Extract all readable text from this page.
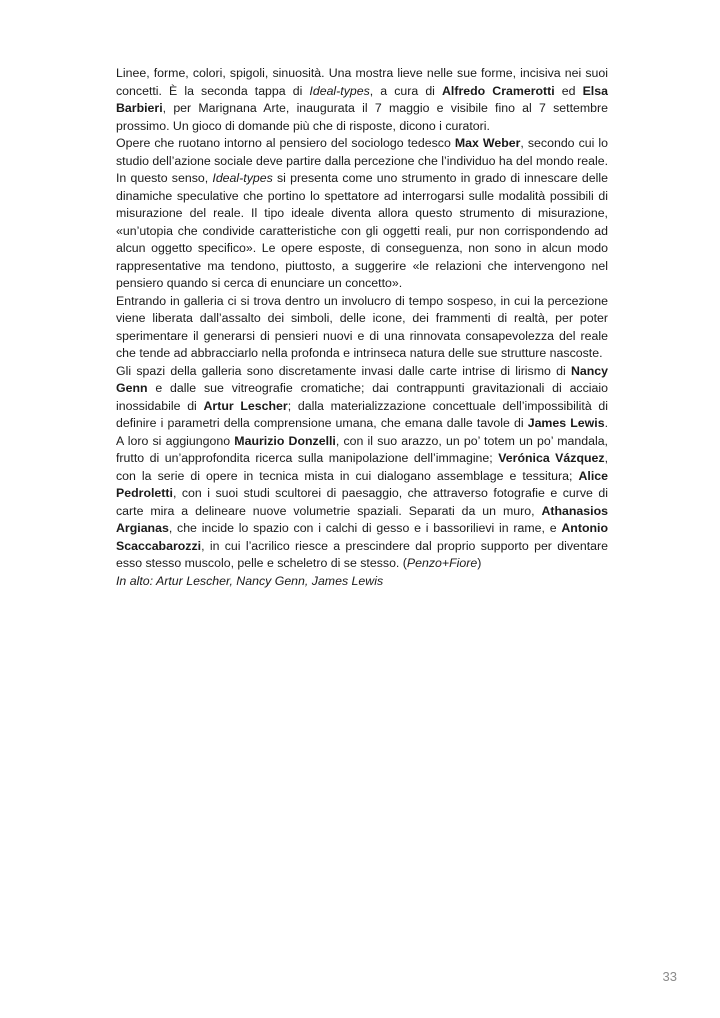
Linee, forme, colori, spigoli, sinuosità. Una mostra lieve nelle sue forme, incisiva nei suoi concetti. È la seconda tappa di Ideal-types, a cura di Alfredo Cramerotti ed Elsa Barbieri, per Marignana Arte, inaugurata il 7 maggio e visibile fino al 7 settembre prossimo. Un gioco di domande più che di risposte, dicono i curatori.

Opere che ruotano intorno al pensiero del sociologo tedesco Max Weber, secondo cui lo studio dell’azione sociale deve partire dalla percezione che l’individuo ha del mondo reale. In questo senso, Ideal-types si presenta come uno strumento in grado di innescare delle dinamiche speculative che portino lo spettatore ad interrogarsi sulle modalità possibili di misurazione del reale. Il tipo ideale diventa allora questo strumento di misurazione, «un’utopia che condivide caratteristiche con gli oggetti reali, pur non corrispondendo ad alcun oggetto specifico». Le opere esposte, di conseguenza, non sono in alcun modo rappresentative ma tendono, piuttosto, a suggerire «le relazioni che intervengono nel pensiero quando si cerca di enunciare un concetto».

Entrando in galleria ci si trova dentro un involucro di tempo sospeso, in cui la percezione viene liberata dall’assalto dei simboli, delle icone, dei frammenti di realtà, per poter sperimentare il generarsi di pensieri nuovi e di una rinnovata consapevolezza del reale che tende ad abbracciarlo nella profonda e intrinseca natura delle sue strutture nascoste.

Gli spazi della galleria sono discretamente invasi dalle carte intrise di lirismo di Nancy Genn e dalle sue vitreografie cromatiche; dai contrappunti gravitazionali di acciaio inossidabile di Artur Lescher; dalla materializzazione concettuale dell’impossibilità di definire i parametri della comprensione umana, che emana dalle tavole di James Lewis. A loro si aggiungono Maurizio Donzelli, con il suo arazzo, un po’ totem un po’ mandala, frutto di un’approfondita ricerca sulla manipolazione dell’immagine; Verónica Vázquez, con la serie di opere in tecnica mista in cui dialogano assemblage e tessitura; Alice Pedroletti, con i suoi studi scultorei di paesaggio, che attraverso fotografie e curve di carte mira a delineare nuove volumetrie spaziali. Separati da un muro, Athanasios Argianas, che incide lo spazio con i calchi di gesso e i bassorilievi in rame, e Antonio Scaccabarozzi, in cui l’acrilico riesce a prescindere dal proprio supporto per diventare esso stesso muscolo, pelle e scheletro di se stesso. (Penzo+Fiore)

In alto: Artur Lescher, Nancy Genn, James Lewis

33
